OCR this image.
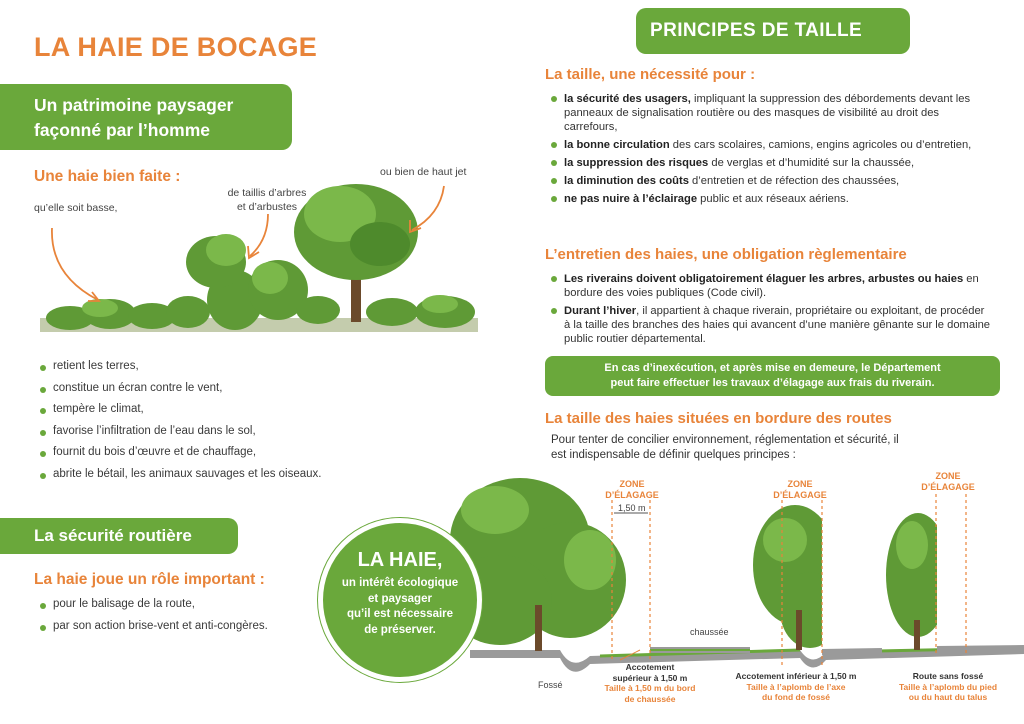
LA HAIE DE BOCAGE
Un patrimoine paysager
façonné par l’homme
Une haie bien faite :
qu’elle soit basse,
de taillis d’arbres
et d’arbustes
ou bien de haut jet
retient les terres,
constitue un écran contre le vent,
tempère le climat,
favorise l’infiltration de l’eau dans le sol,
fournit du bois d’œuvre et de chauffage,
abrite le bétail, les animaux sauvages et les oiseaux.
La sécurité routière
La haie joue un rôle important :
pour le balisage de la route,
par son action brise-vent et anti-congères.
LA HAIE,
un intérêt écologique
et paysager
qu’il est nécessaire
de préserver.
PRINCIPES DE TAILLE
La taille, une nécessité pour :
la sécurité des usagers, impliquant la suppression des débordements devant les panneaux de signalisation routière ou des masques de visibilité au droit des carrefours,
la bonne circulation des cars scolaires, camions, engins agricoles ou d’entretien,
la suppression des risques de verglas et d’humidité sur la chaussée,
la diminution des coûts d’entretien et de réfection des chaussées,
ne pas nuire à l’éclairage public et aux réseaux aériens.
L’entretien des haies, une obligation règlementaire
Les riverains doivent obligatoirement élaguer les arbres, arbustes ou haies en bordure des voies publiques (Code civil).
Durant l’hiver, il appartient à chaque riverain, propriétaire ou exploitant, de procéder à la taille des branches des haies qui avancent d’une manière gênante sur le domaine public routier départemental.
En cas d’inexécution, et après mise en demeure, le Département
peut faire effectuer les travaux d’élagage aux frais du riverain.
La taille des haies situées en bordure des routes
Pour tenter de concilier environnement, réglementation et sécurité, il est indispensable de définir quelques principes :
ZONE
D’ÉLAGAGE
ZONE
D’ÉLAGAGE
ZONE
D’ÉLAGAGE
1,50 m
chaussée
Fossé
Accotement
supérieur à 1,50 m
Taille à 1,50 m du bord
de chaussée
Accotement inférieur à 1,50 m
Taille à l’aplomb de l’axe
du fond de fossé
Route sans fossé
Taille à l’aplomb du pied
ou du haut du talus
